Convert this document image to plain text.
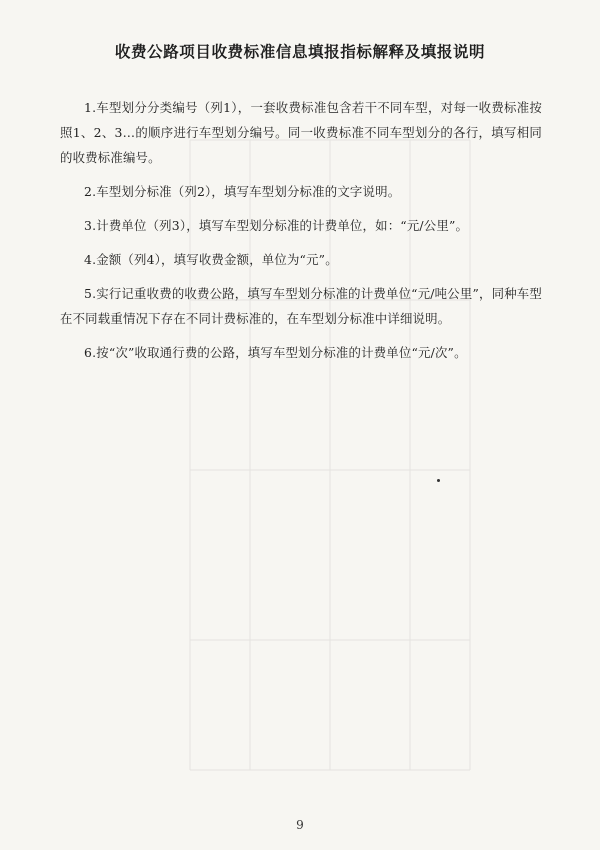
收费公路项目收费标准信息填报指标解释及填报说明

1.车型划分分类编号（列1），一套收费标准包含若干不同车型，对每一收费标准按照1、2、3…的顺序进行车型划分编号。同一收费标准不同车型划分的各行，填写相同的收费标准编号。

2.车型划分标准（列2），填写车型划分标准的文字说明。

3.计费单位（列3），填写车型划分标准的计费单位，如：“元/公里”。

4.金额（列4），填写收费金额，单位为“元”。

5.实行记重收费的收费公路，填写车型划分标准的计费单位“元/吨公里”，同种车型在不同载重情况下存在不同计费标准的，在车型划分标准中详细说明。

6.按“次”收取通行费的公路，填写车型划分标准的计费单位“元/次”。

9
